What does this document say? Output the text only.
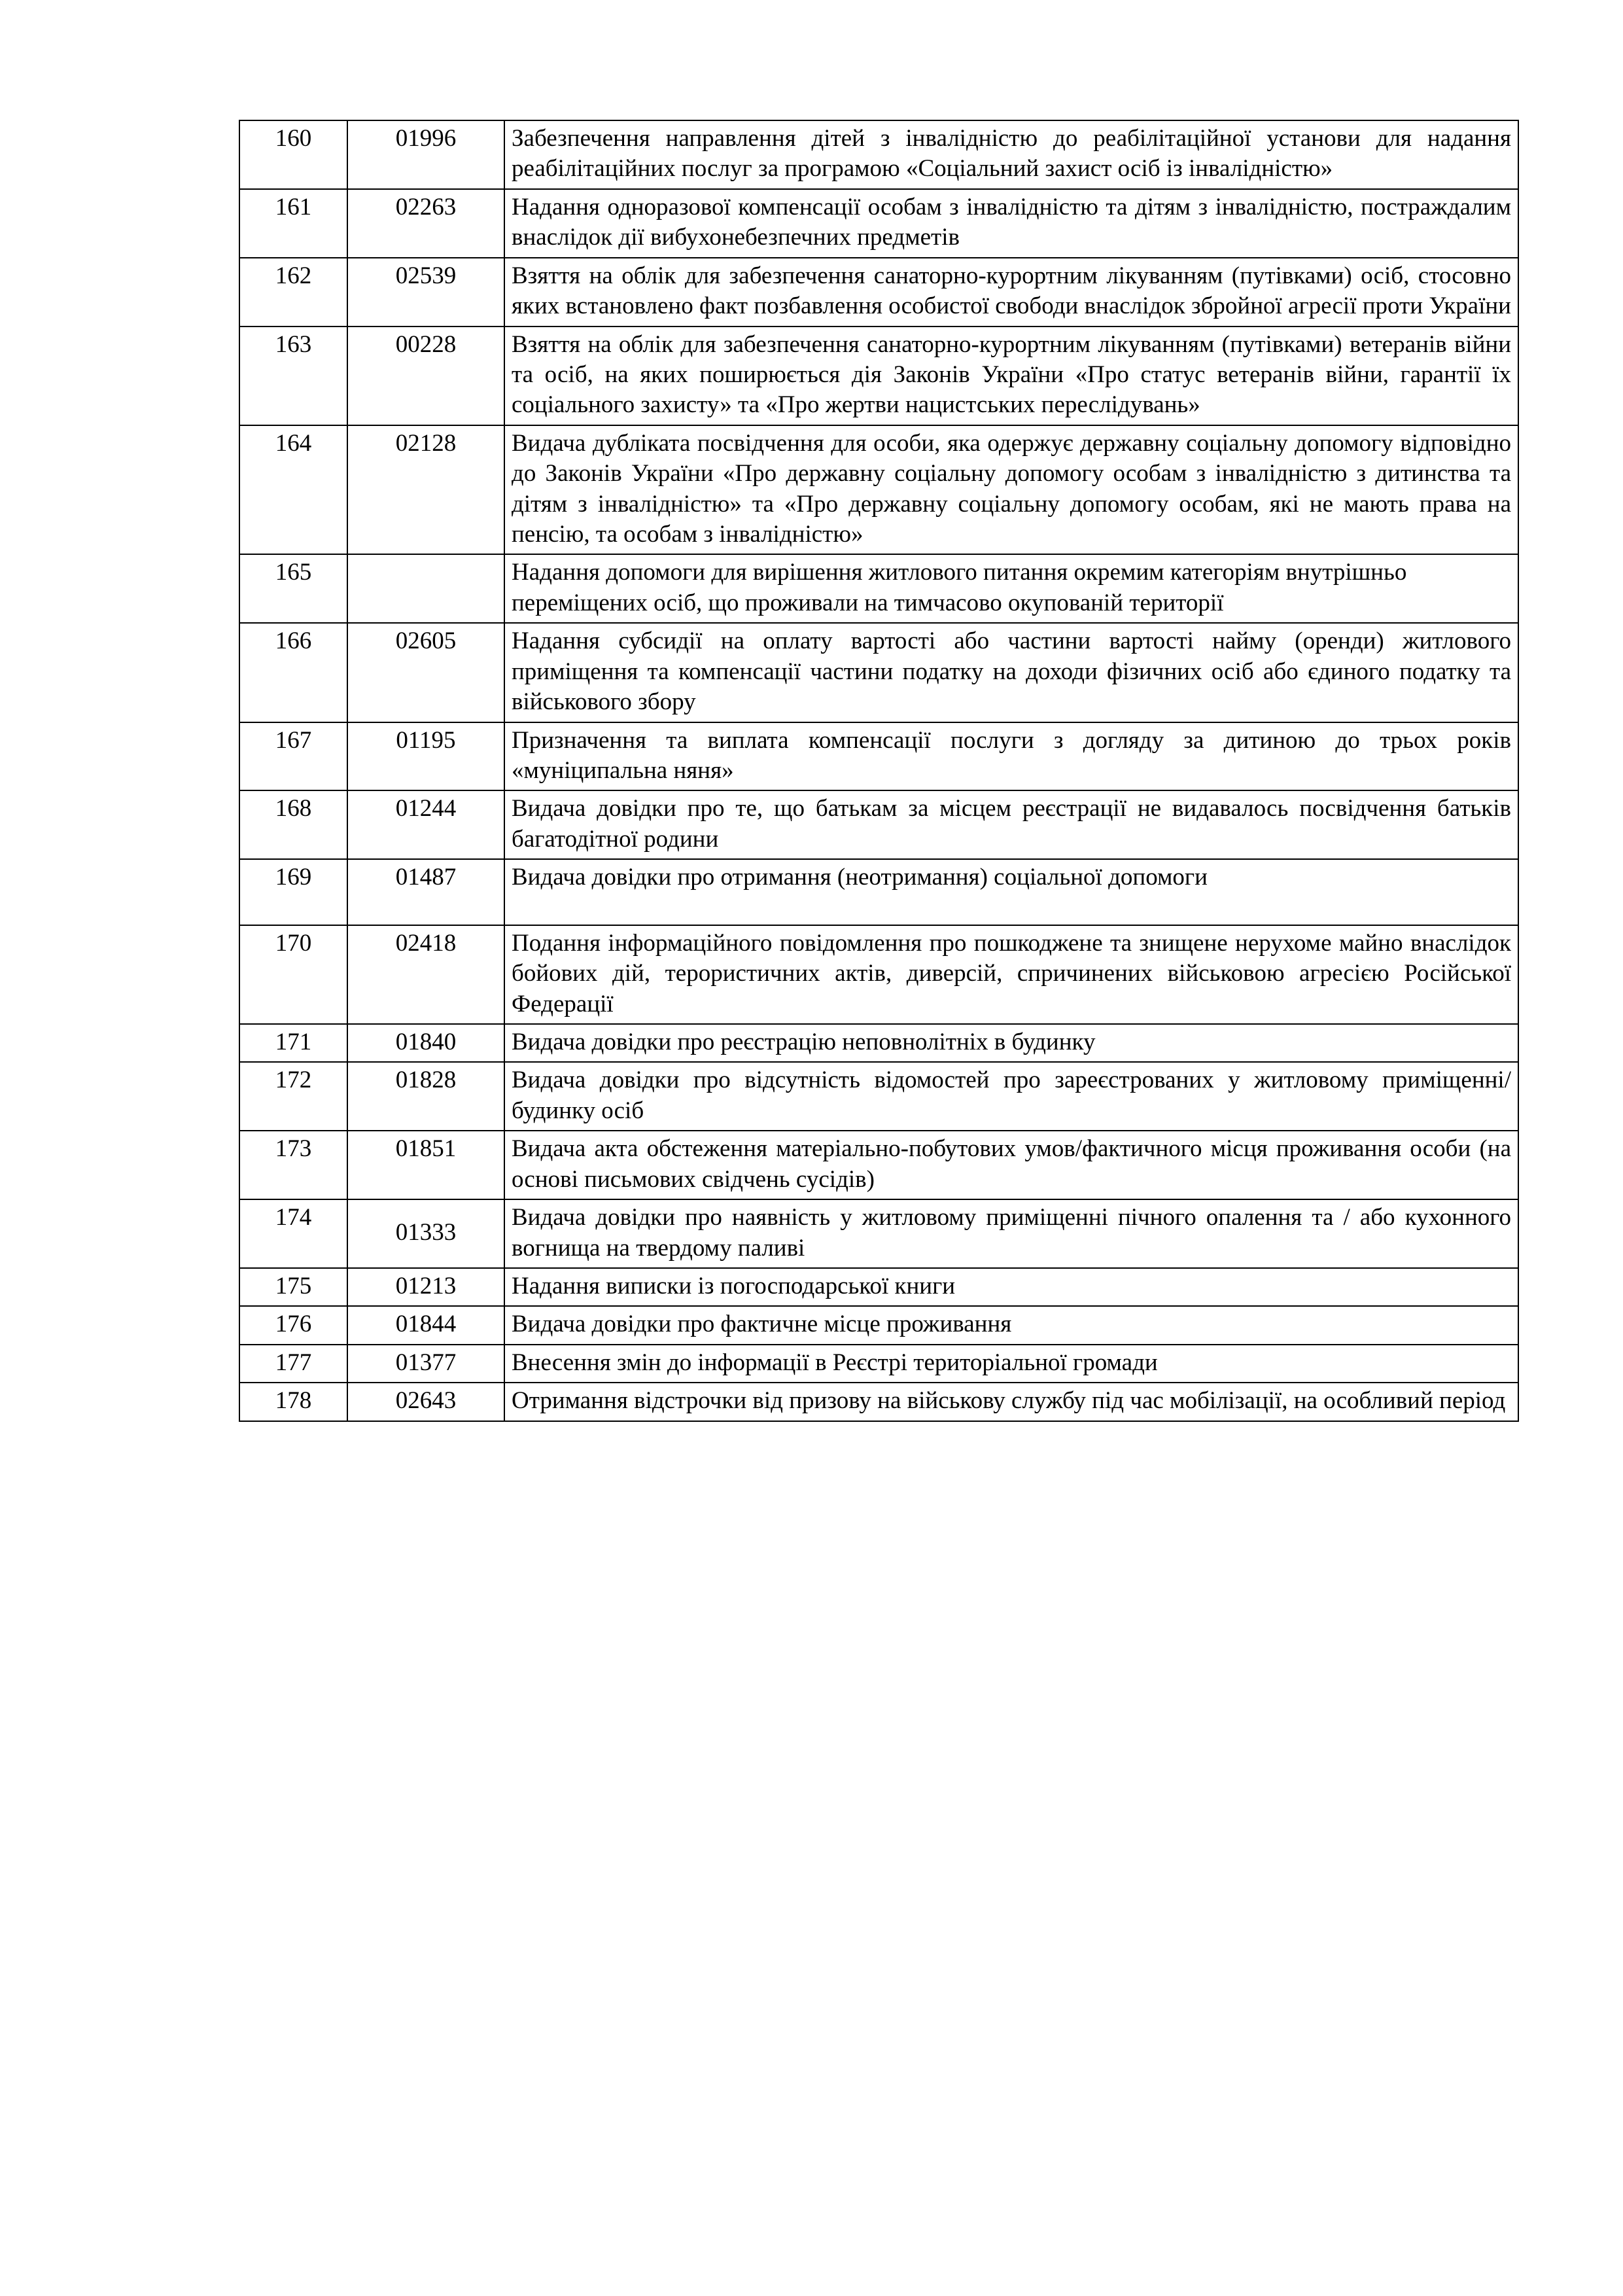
160	01996	Забезпечення направлення дітей з інвалідністю до реабілітаційної установи для надання реабілітаційних послуг за програмою «Соціальний захист осіб із інвалідністю»
161	02263	Надання одноразової компенсації особам з інвалідністю та дітям з інвалідністю, постраждалим внаслідок дії вибухонебезпечних предметів
162	02539	Взяття на облік для забезпечення санаторно-курортним лікуванням (путівками) осіб, стосовно яких встановлено факт позбавлення особистої свободи внаслідок збройної агресії проти України
163	00228	Взяття на облік для забезпечення санаторно-курортним лікуванням (путівками) ветеранів війни та осіб, на яких поширюється дія Законів України «Про статус ветеранів війни, гарантії їх соціального захисту» та «Про жертви нацистських переслідувань»
164	02128	Видача дубліката посвідчення для особи, яка одержує державну соціальну допомогу відповідно до Законів України «Про державну соціальну допомогу особам з інвалідністю з дитинства та дітям з інвалідністю» та «Про державну соціальну допомогу особам, які не мають права на пенсію, та особам з інвалідністю»
165		Надання допомоги для вирішення житлового питання окремим категоріям внутрішньо переміщених осіб, що проживали на тимчасово окупованій території
166	02605	Надання субсидії на оплату вартості або частини вартості найму (оренди) житлового приміщення та компенсації частини податку на доходи фізичних осіб або єдиного податку та військового збору
167	01195	Призначення та виплата компенсації послуги з догляду за дитиною до трьох років «муніципальна няня»
168	01244	Видача довідки про те, що батькам за місцем реєстрації не видавалось посвідчення батьків багатодітної родини
169	01487	Видача довідки про отримання (неотримання) соціальної допомоги

170	02418	Подання інформаційного повідомлення про пошкоджене та знищене нерухоме майно внаслідок бойових дій, терористичних актів, диверсій, спричинених військовою агресією Російської Федерації
171	01840	Видача довідки про реєстрацію неповнолітніх в будинку
172	01828	Видача довідки про відсутність відомостей про зареєстрованих у житловому приміщенні/будинку осіб
173	01851	Видача акта обстеження матеріально-побутових умов/фактичного місця проживання особи (на основі письмових свідчень сусідів)
174	01333	Видача довідки про наявність у житловому приміщенні пічного опалення та / або кухонного вогнища на твердому паливі
175	01213	Надання виписки із погосподарської книги
176	01844	Видача довідки про фактичне місце проживання
177	01377	Внесення змін до інформації в Реєстрі територіальної громади
178	02643	Отримання відстрочки від призову на військову службу під час мобілізації, на особливий період
